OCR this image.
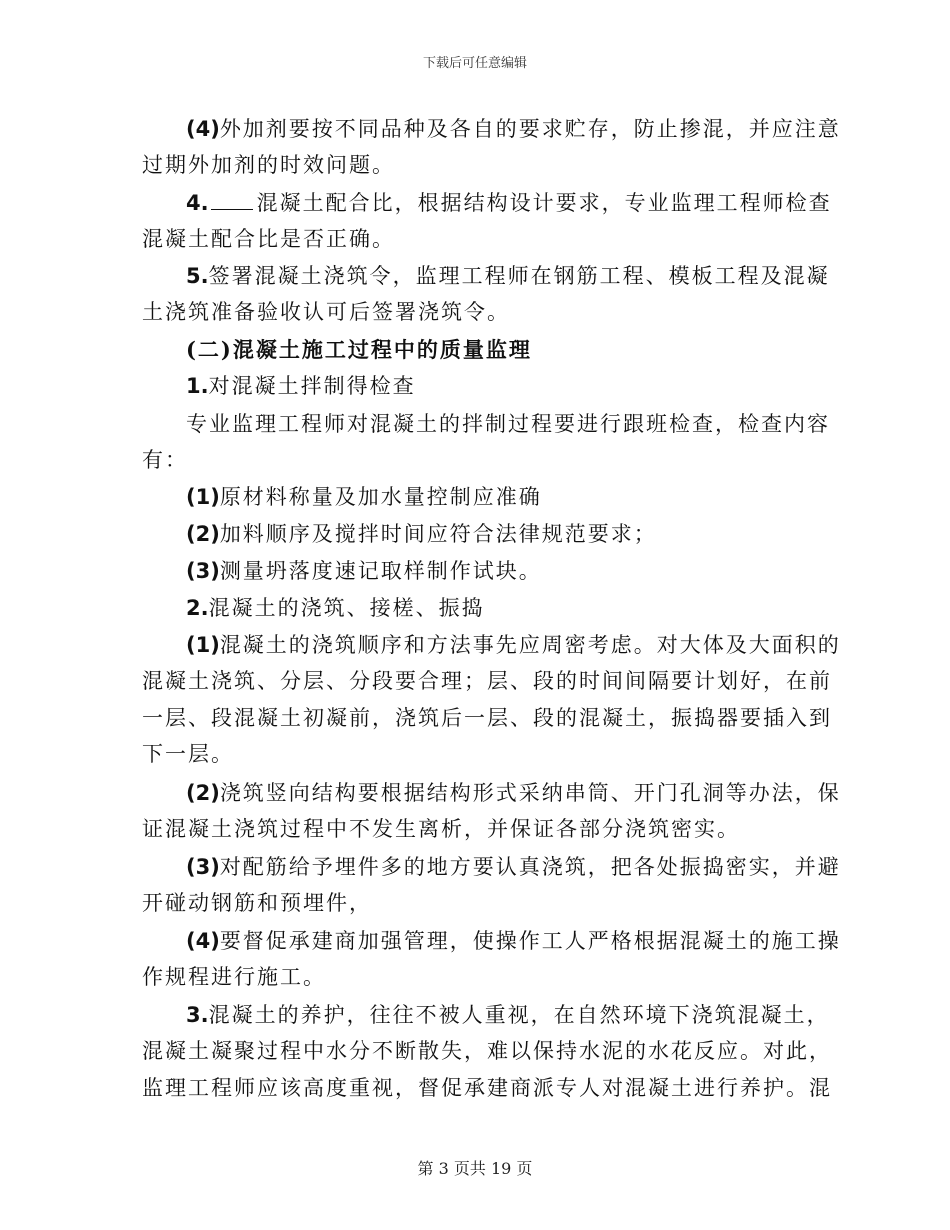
下载后可任意编辑
(4)外加剂要按不同品种及各自的要求贮存，防止掺混，并应注意
过期外加剂的时效问题。
4. 混凝土配合比，根据结构设计要求，专业监理工程师检查
混凝土配合比是否正确。
5.签署混凝土浇筑令，监理工程师在钢筋工程、模板工程及混凝
土浇筑准备验收认可后签署浇筑令。
(二)混凝土施工过程中的质量监理
1.对混凝土拌制得检查
专业监理工程师对混凝土的拌制过程要进行跟班检查，检查内容
有：
(1)原材料称量及加水量控制应准确
(2)加料顺序及搅拌时间应符合法律规范要求；
(3)测量坍落度速记取样制作试块。
2.混凝土的浇筑、接槎、振捣
(1)混凝土的浇筑顺序和方法事先应周密考虑。对大体及大面积的
混凝土浇筑、分层、分段要合理；层、段的时间间隔要计划好，在前
一层、段混凝土初凝前，浇筑后一层、段的混凝土，振捣器要插入到
下一层。
(2)浇筑竖向结构要根据结构形式采纳串筒、开门孔洞等办法，保
证混凝土浇筑过程中不发生离析，并保证各部分浇筑密实。
(3)对配筋给予埋件多的地方要认真浇筑，把各处振捣密实，并避
开碰动钢筋和预埋件，
(4)要督促承建商加强管理，使操作工人严格根据混凝土的施工操
作规程进行施工。
3.混凝土的养护，往往不被人重视，在自然环境下浇筑混凝土，
混凝土凝聚过程中水分不断散失，难以保持水泥的水花反应。对此，
监理工程师应该高度重视，督促承建商派专人对混凝土进行养护。混
第 3 页共 19 页
